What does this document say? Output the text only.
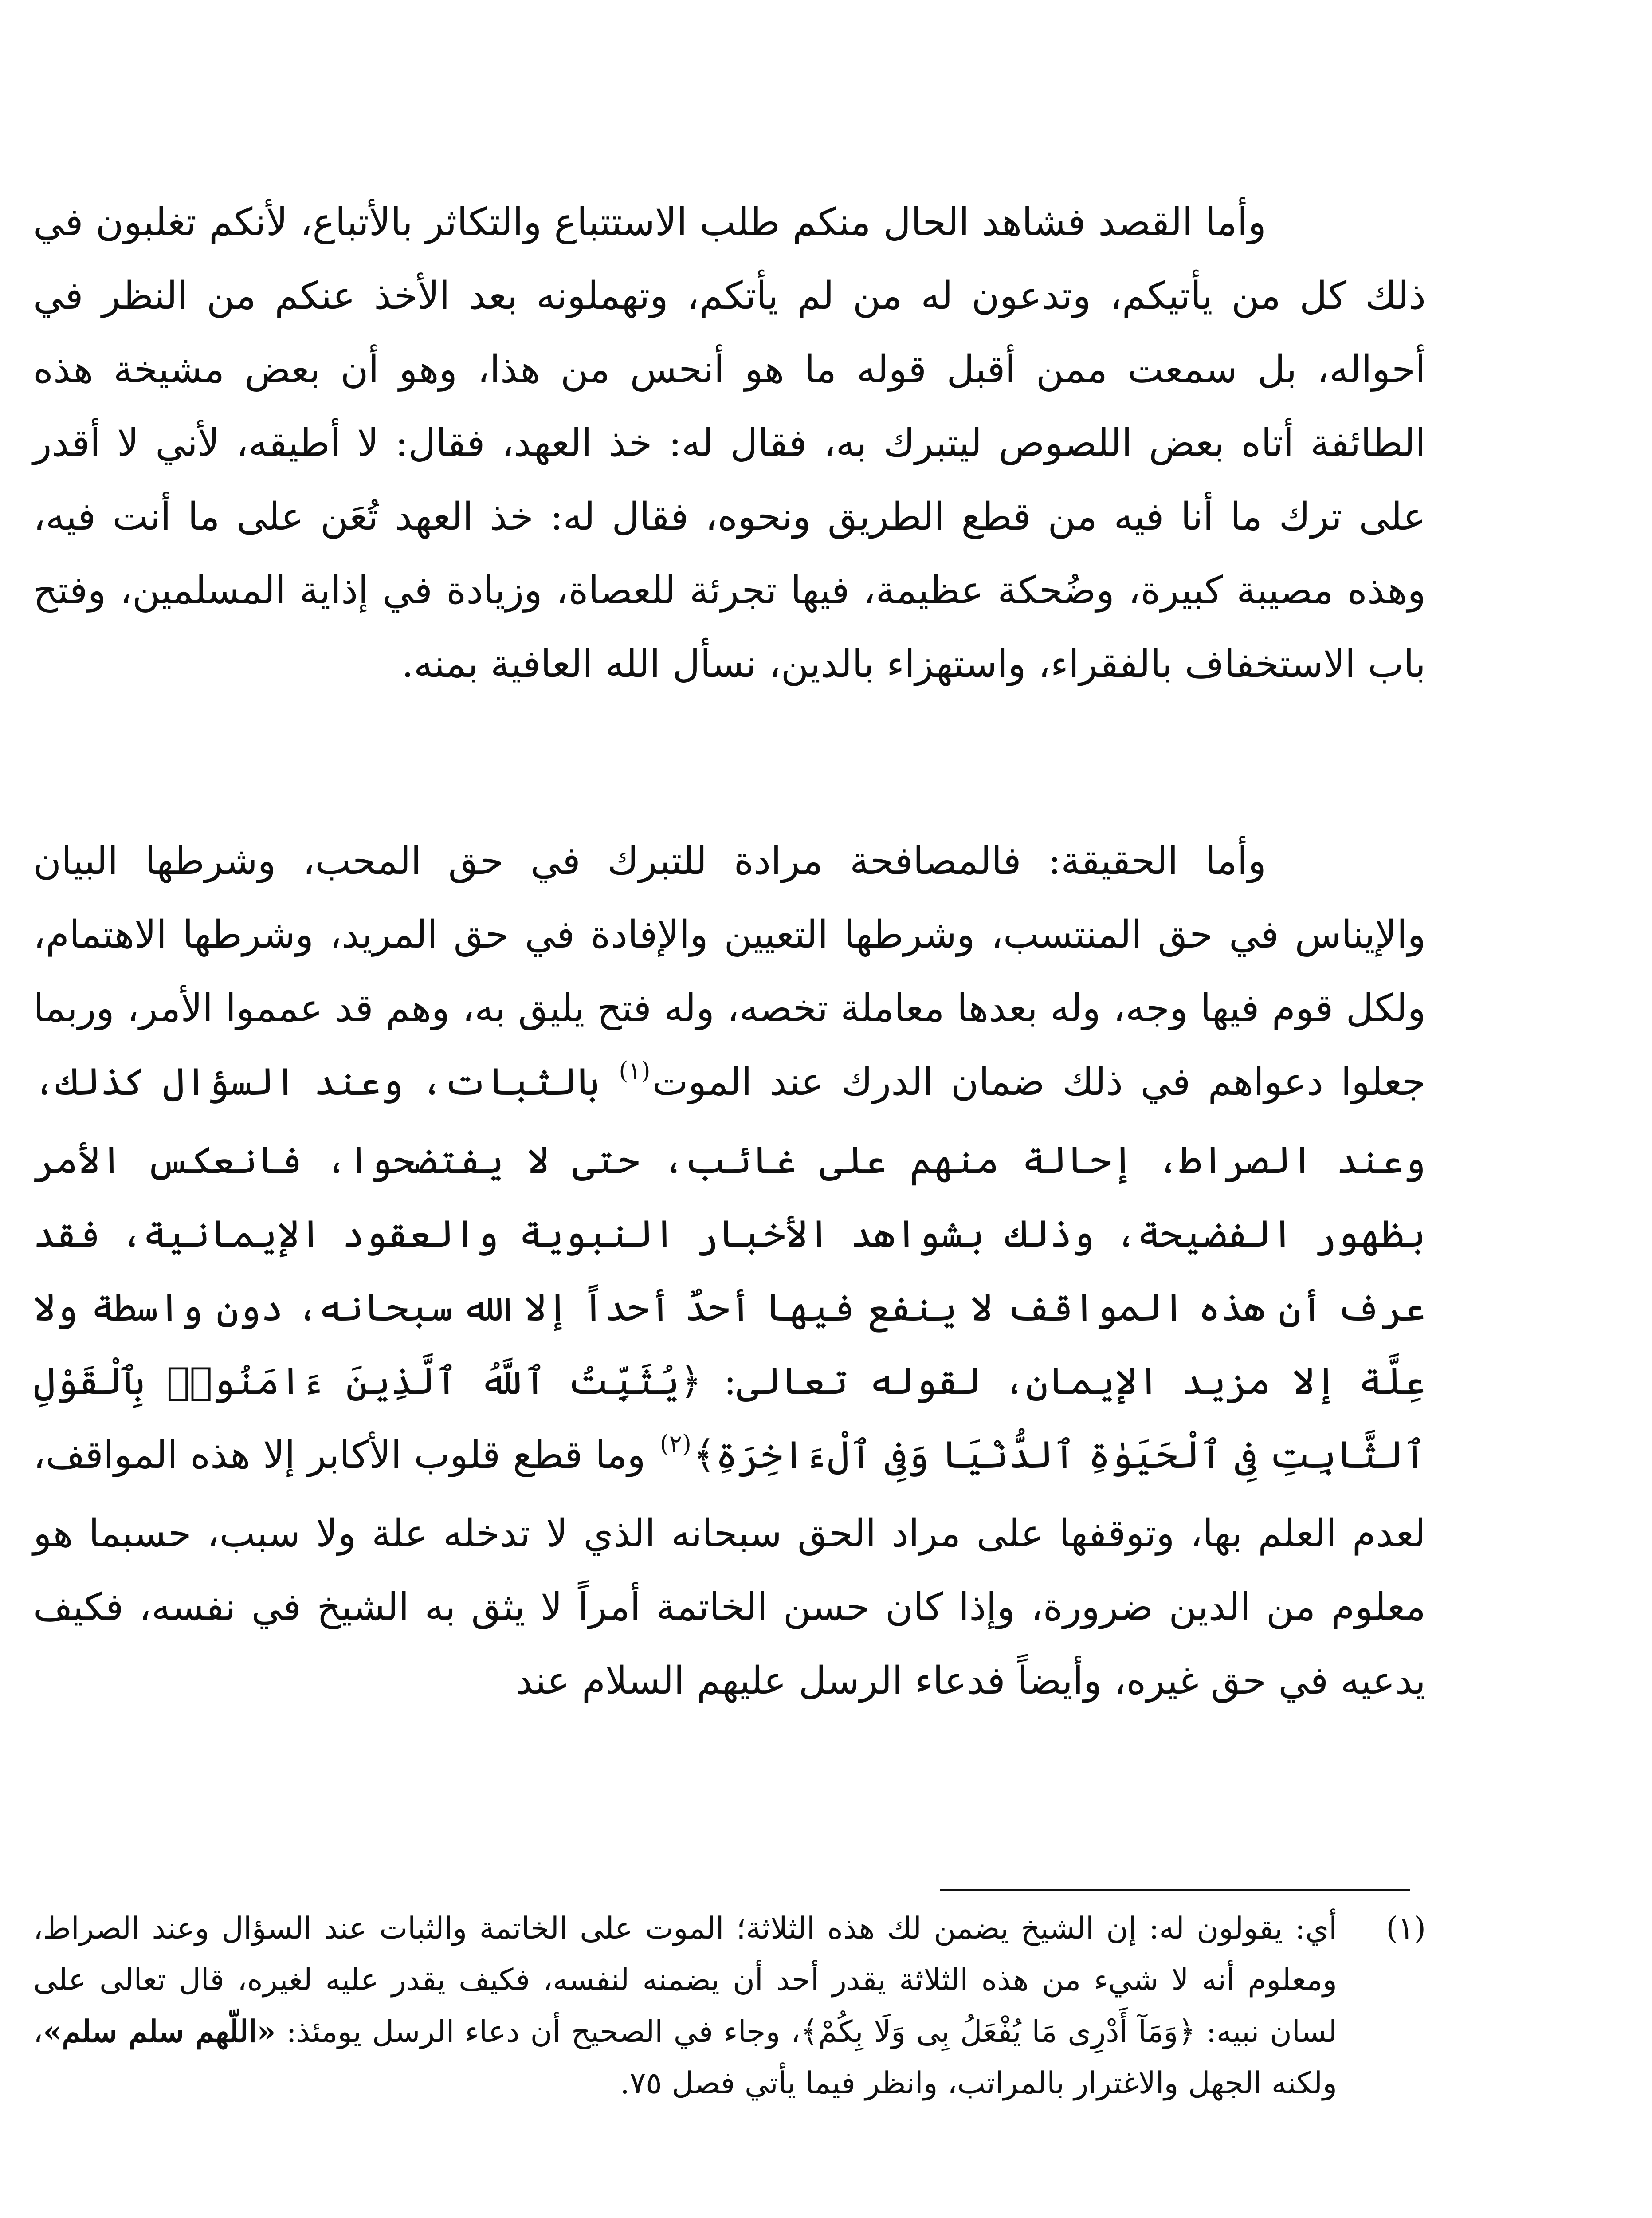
وأما القصد فشاهد الحال منكم طلب الاستتباع والتكاثر بالأتباع، لأنكم تغلبون في ذلك كل من يأتيكم، وتدعون له من لم يأتكم، وتهملونه بعد الأخذ عنكم من النظر في أحواله، بل سمعت ممن أقبل قوله ما هو أنحس من هذا، وهو أن بعض مشيخة هذه الطائفة أتاه بعض اللصوص ليتبرك به، فقال له: خذ العهد، فقال: لا أطيقه، لأني لا أقدر على ترك ما أنا فيه من قطع الطريق ونحوه، فقال له: خذ العهد تُعَن على ما أنت فيه، وهذه مصيبة كبيرة، وضُحكة عظيمة، فيها تجرئة للعصاة، وزيادة في إذاية المسلمين، وفتح باب الاستخفاف بالفقراء، واستهزاء بالدين، نسأل الله العافية بمنه.

وأما الحقيقة: فالمصافحة مرادة للتبرك في حق المحب، وشرطها البيان والإيناس في حق المنتسب، وشرطها التعيين والإفادة في حق المريد، وشرطها الاهتمام، ولكل قوم فيها وجه، وله بعدها معاملة تخصه، وله فتح يليق به، وهم قد عمموا الأمر، وربما جعلوا دعواهم في ذلك ضمان الدرك عند الموت$^{(١)}$ بالثبات، وعند السؤال كذلك، وعند الصراط، إحالة منهم على غائب، حتى لا يفتضحوا، فانعكس الأمر بظهور الفضيحة، وذلك بشواهد الأخبار النبوية والعقود الإيمانية، فقد عرف أن هذه المواقف لا ينفع فيها أحدٌ أحداً إلا الله سبحانه، دون واسطة ولا عِلَّة إلا مزيد الإيمان، لقوله تعالى: ﴿يُثَبِّتُ ٱللَّهُ ٱلَّذِينَ ءَامَنُوا۟ بِٱلْقَوْلِ ٱلثَّابِتِ فِى ٱلْحَيَوٰةِ ٱلدُّنْيَا وَفِى ٱلْءَاخِرَةِ﴾$^{(٢)}$ وما قطع قلوب الأكابر إلا هذه المواقف، لعدم العلم بها، وتوقفها على مراد الحق سبحانه الذي لا تدخله علة ولا سبب، حسبما هو معلوم من الدين ضرورة، وإذا كان حسن الخاتمة أمراً لا يثق به الشيخ في نفسه، فكيف يدعيه في حق غيره، وأيضاً فدعاء الرسل عليهم السلام عند

(١)
أي: يقولون له: إن الشيخ يضمن لك هذه الثلاثة؛ الموت على الخاتمة والثبات عند السؤال وعند الصراط، ومعلوم أنه لا شيء من هذه الثلاثة يقدر أحد أن يضمنه لنفسه، فكيف يقدر عليه لغيره، قال تعالى على لسان نبيه: ﴿وَمَآ أَدْرِى مَا يُفْعَلُ بِى وَلَا بِكُمْ﴾، وجاء في الصحيح أن دعاء الرسل يومئذ: «اللّهم سلم سلم»، ولكنه الجهل والاغترار بالمراتب، وانظر فيما يأتي فصل ٧٥.
